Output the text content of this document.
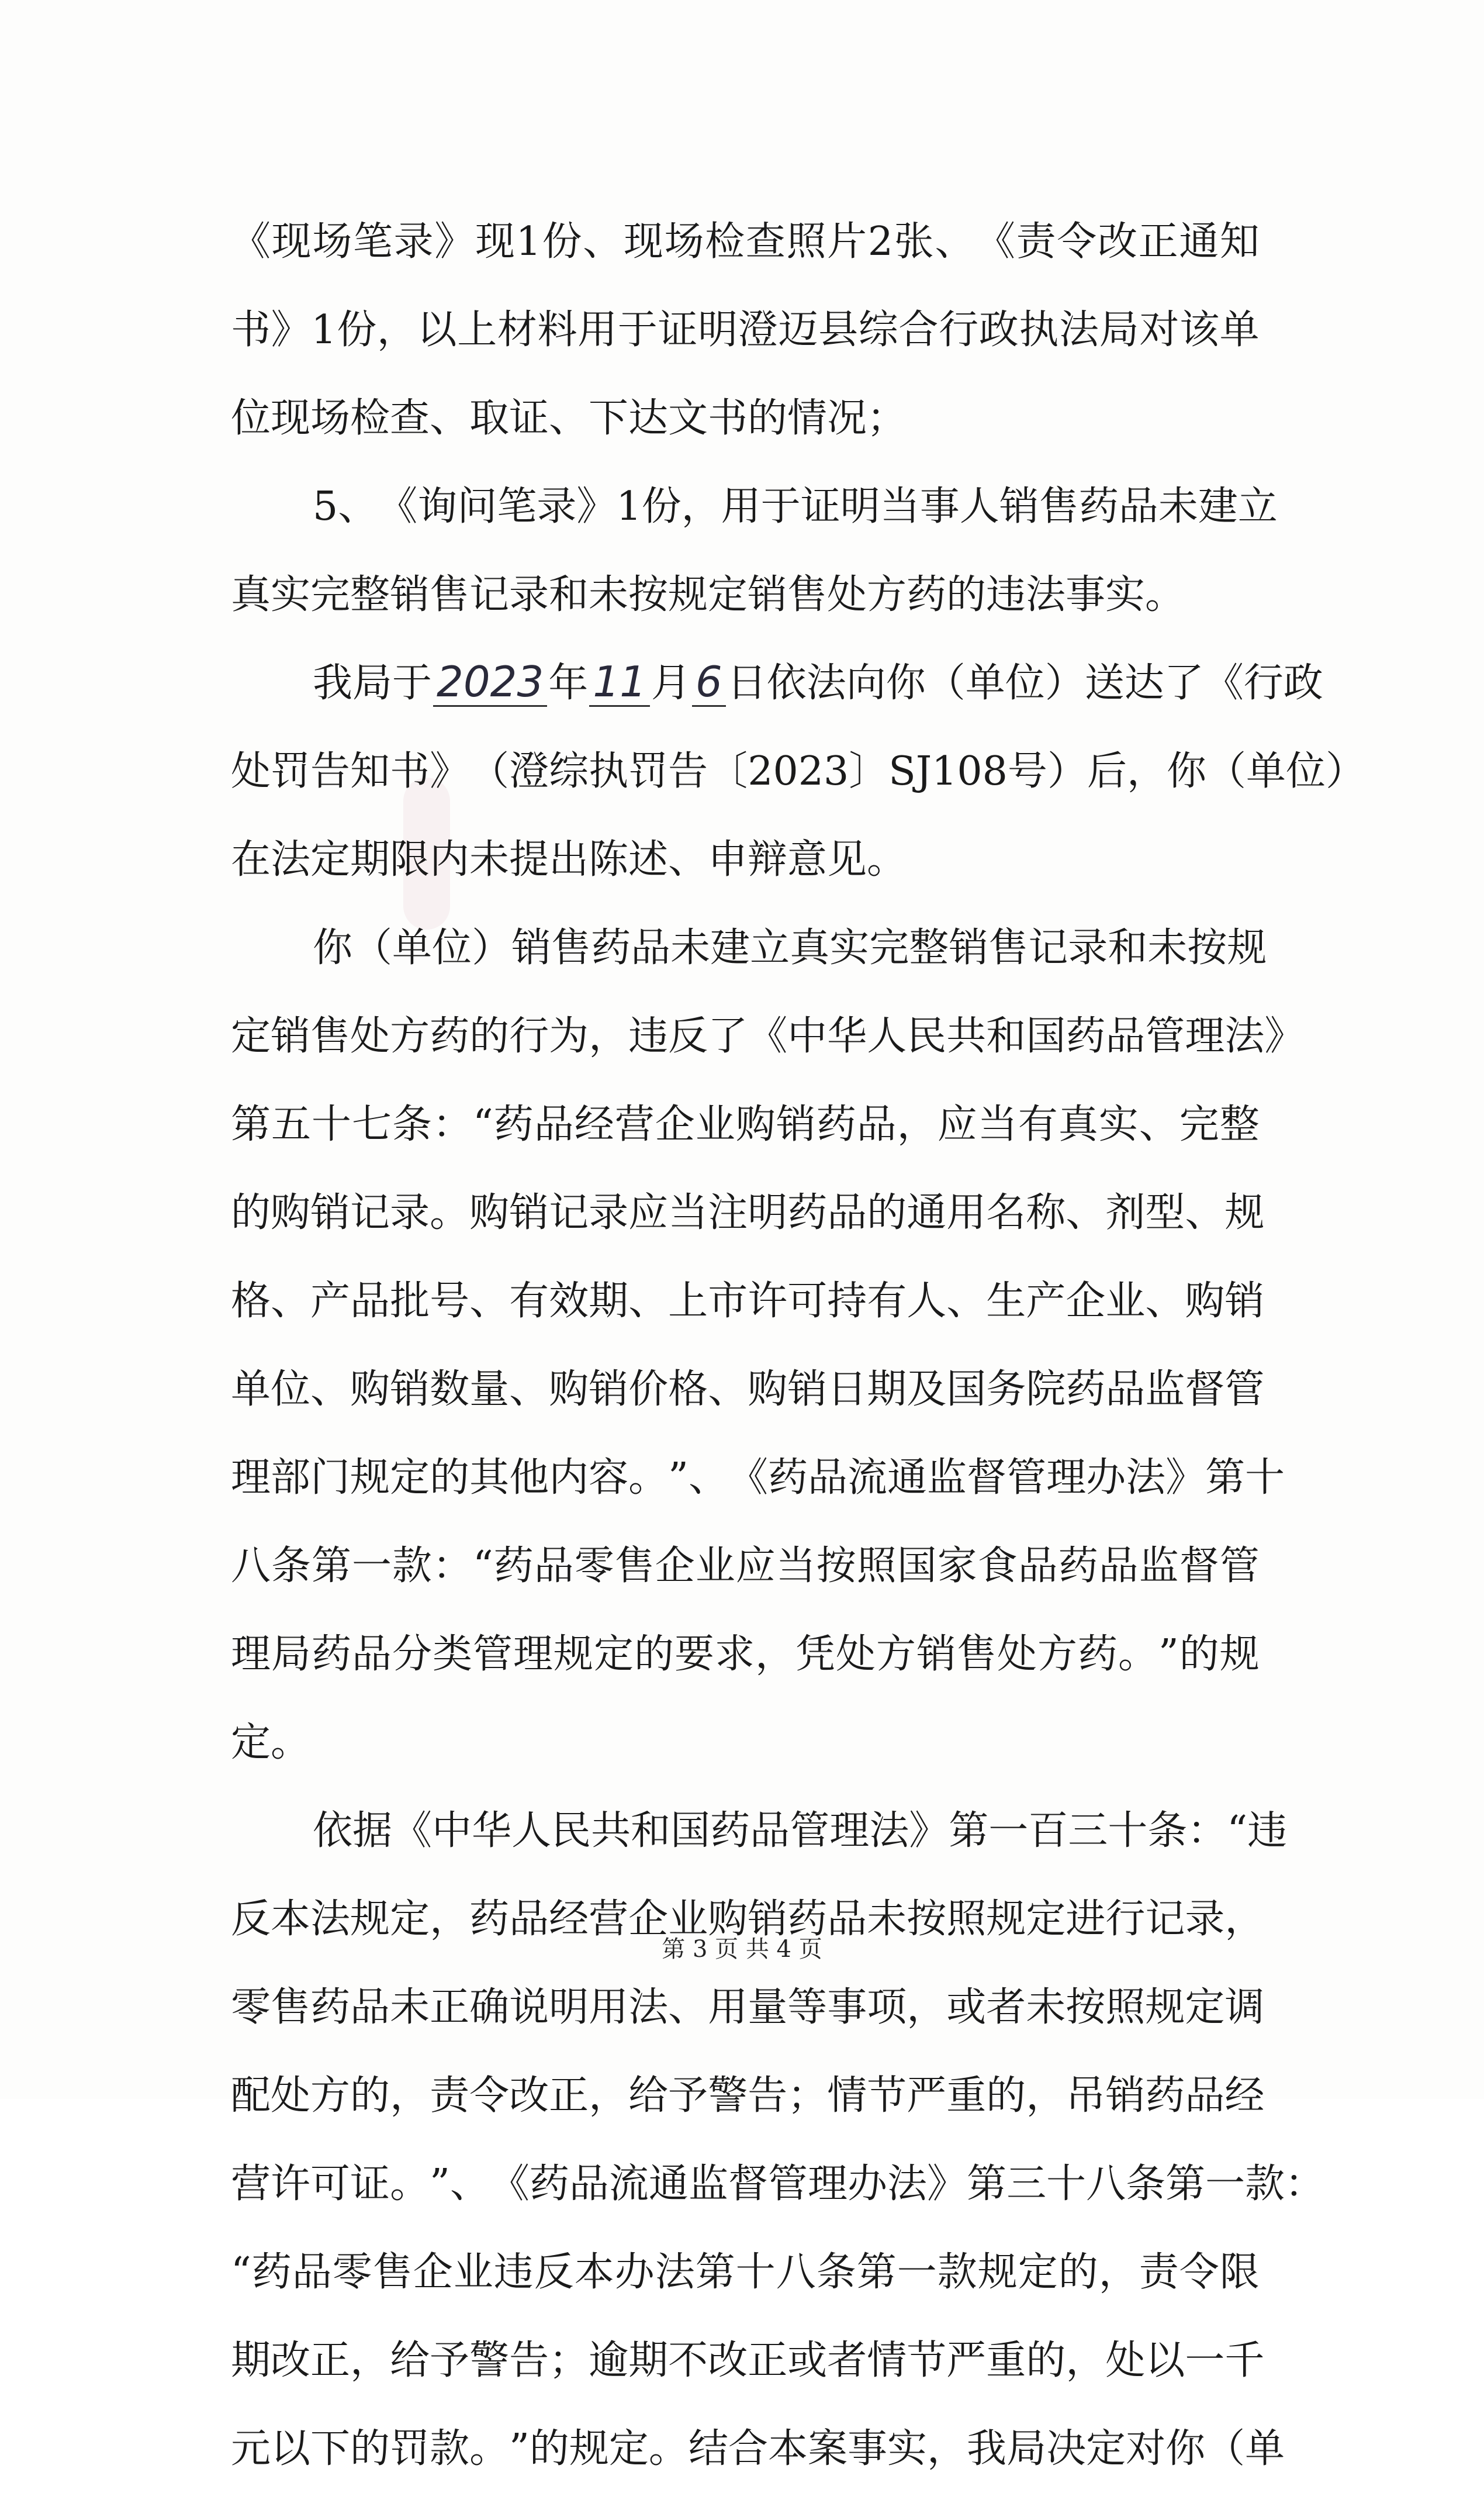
《 现 场 笔 录 》 现 1 份 、 现 场 检 查 照 片 2 张 、 《 责 令 改 正 通 知
书 》 1 份 ， 以 上 材 料 用 于 证 明 澄 迈 县 综 合 行 政 执 法 局 对 该 单
位现场检查、取证、下达文书的情况；
5 、 《 询 问 笔 录 》 1 份 ， 用 于 证 明 当 事 人 销 售 药 品 未 建 立
真实完整销售记录和未按规定销售处方药的违法事实。
我局于 2023 年 11 月 6 日依法向你（单位）送达了《行政
处 罚 告 知 书 》 （ 澄 综 执 罚 告 〔 2023 〕 SJ108 号 ） 后 ， 你 （ 单 位 ）
在法定期限内未提出陈述、申辩意见。
你 （ 单 位 ） 销 售 药 品 未 建 立 真 实 完 整 销 售 记 录 和 未 按 规
定 销 售 处 方 药 的 行 为 ， 违 反 了 《 中 华 人 民 共 和 国 药 品 管 理 法 》
第 五 十 七 条 ： “ 药 品 经 营 企 业 购 销 药 品 ， 应 当 有 真 实 、 完 整
的 购 销 记 录 。 购 销 记 录 应 当 注 明 药 品 的 通 用 名 称 、 剂 型 、 规
格 、 产 品 批 号 、 有 效 期 、 上 市 许 可 持 有 人 、 生 产 企 业 、 购 销
单 位 、 购 销 数 量 、 购 销 价 格 、 购 销 日 期 及 国 务 院 药 品 监 督 管
理 部 门 规 定 的 其 他 内 容 。 ” 、 《 药 品 流 通 监 督 管 理 办 法 》 第 十
八 条 第 一 款 ： “ 药 品 零 售 企 业 应 当 按 照 国 家 食 品 药 品 监 督 管
理 局 药 品 分 类 管 理 规 定 的 要 求 ， 凭 处 方 销 售 处 方 药 。 ” 的 规
定。
依 据 《 中 华 人 民 共 和 国 药 品 管 理 法 》 第 一 百 三 十 条 ： “ 违
反 本 法 规 定 ， 药 品 经 营 企 业 购 销 药 品 未 按 照 规 定 进 行 记 录 ，
零 售 药 品 未 正 确 说 明 用 法 、 用 量 等 事 项 ， 或 者 未 按 照 规 定 调
配 处 方 的 ， 责 令 改 正 ， 给 予 警 告 ； 情 节 严 重 的 ， 吊 销 药 品 经
营 许 可 证 。 ” 、 《 药 品 流 通 监 督 管 理 办 法 》 第 三 十 八 条 第 一 款 ：
“ 药 品 零 售 企 业 违 反 本 办 法 第 十 八 条 第 一 款 规 定 的 ， 责 令 限
期 改 正 ， 给 予 警 告 ； 逾 期 不 改 正 或 者 情 节 严 重 的 ， 处 以 一 千
元 以 下 的 罚 款 。 ” 的 规 定 。 结 合 本 案 事 实 ， 我 局 决 定 对 你 （ 单
第 3 页 共 4 页
